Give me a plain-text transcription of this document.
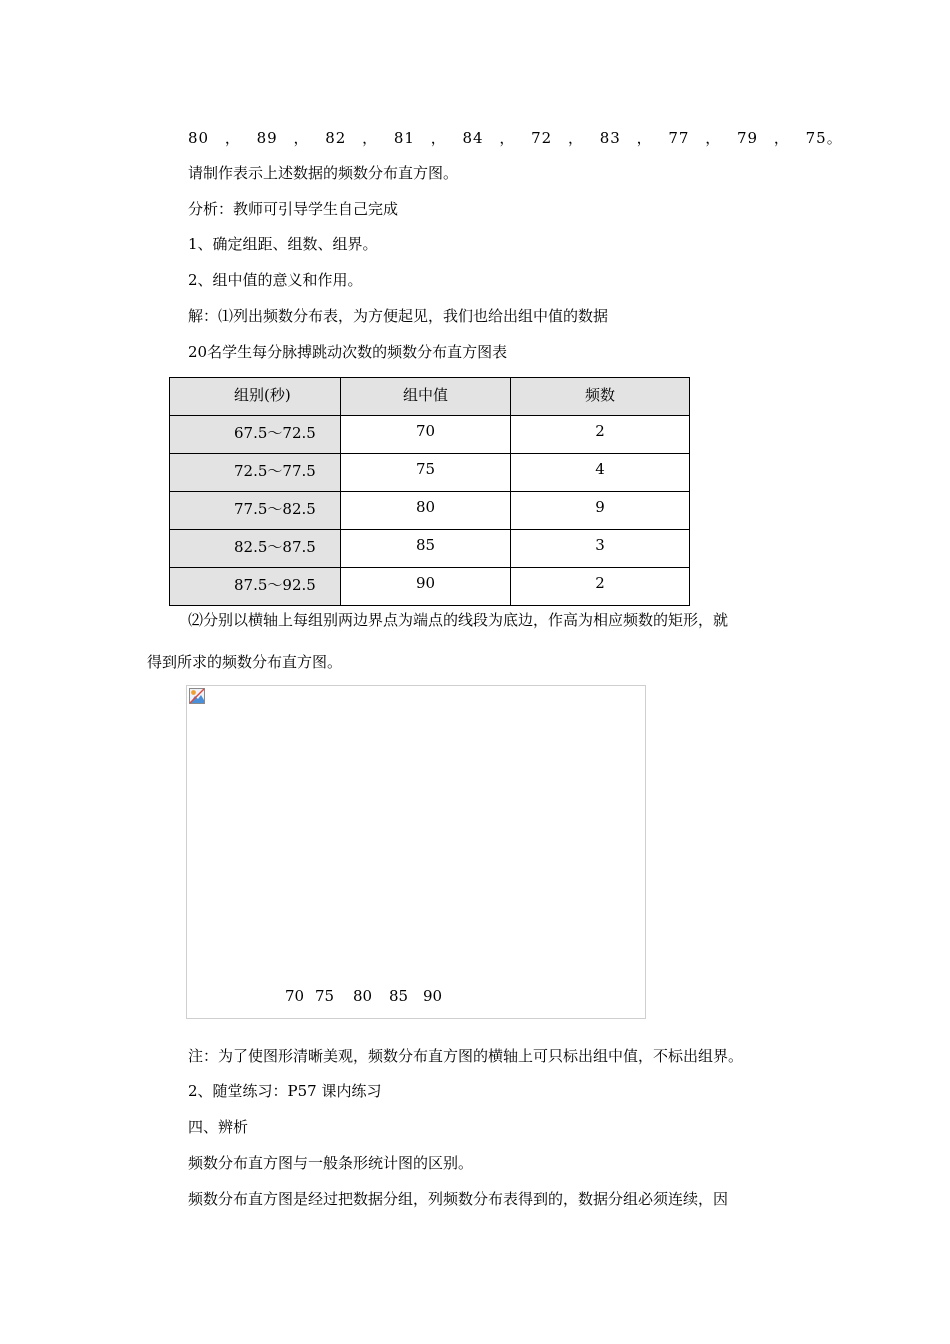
80 ， 89 ， 82 ， 81 ， 84 ， 72 ， 83 ， 77 ， 79 ， 75。
请制作表示上述数据的频数分布直方图。
分析：教师可引导学生自己完成
1、确定组距、组数、组界。
2、组中值的意义和作用。
解：⑴列出频数分布表，为方便起见，我们也给出组中值的数据
20名学生每分脉搏跳动次数的频数分布直方图表
组别(秒)	组中值	频数

67.5～72.5	70	2

72.5～77.5	75	4

77.5～82.5	80	9

82.5～87.5	85	3

87.5～92.5	90	2
⑵分别以横轴上每组别两边界点为端点的线段为底边，作高为相应频数的矩形，就
得到所求的频数分布直方图。
70 75 80 85 90
注：为了使图形清晰美观，频数分布直方图的横轴上可只标出组中值，不标出组界。
2、随堂练习：P57 课内练习
四、辨析
频数分布直方图与一般条形统计图的区别。
频数分布直方图是经过把数据分组，列频数分布表得到的，数据分组必须连续，因
